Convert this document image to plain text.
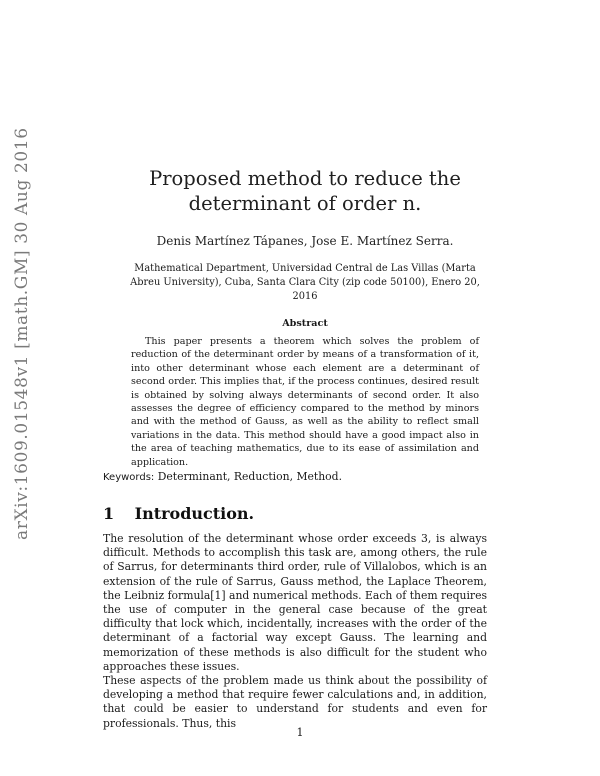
arXiv:1609.01548v1 [math.GM] 30 Aug 2016	Proposed method to reduce the determinant of order n.
Denis Martínez Tápanes, Jose E. Martínez Serra.
Mathematical Department, Universidad Central de Las Villas (Marta Abreu University), Cuba, Santa Clara City (zip code 50100), Enero 20, 2016
Abstract
This paper presents a theorem which solves the problem of reduction of the determinant order by means of a transformation of it, into other determinant whose each element are a determinant of second order. This implies that, if the process continues, desired result is obtained by solving always determinants of second order. It also assesses the degree of efficiency compared to the method by minors and with the method of Gauss, as well as the ability to reflect small variations in the data. This method should have a good impact also in the area of teaching mathematics, due to its ease of assimilation and application.
Keywords: Determinant, Reduction, Method.
1 Introduction.

The resolution of the determinant whose order exceeds 3, is always difficult. Methods to accomplish this task are, among others, the rule of Sarrus, for determinants third order, rule of Villalobos, which is an extension of the rule of Sarrus, Gauss method, the Laplace Theorem, the Leibniz formula[1] and numerical methods. Each of them requires the use of computer in the general case because of the great difficulty that lock which, incidentally, increases with the order of the determinant of a factorial way except Gauss. The learning and memorization of these methods is also difficult for the student who approaches these issues.

These aspects of the problem made us think about the possibility of developing a method that require fewer calculations and, in addition, that could be easier to understand for students and even for professionals. Thus, this

1
